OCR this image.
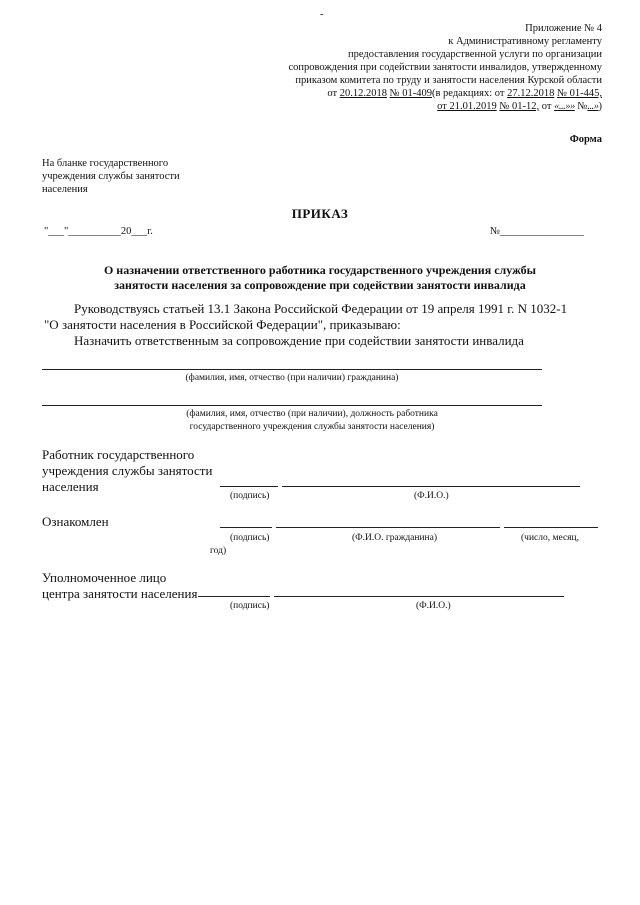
-
Приложение № 4
к Административному регламенту
предоставления государственной услуги по организации
сопровождения при содействии занятости инвалидов, утвержденному
приказом комитета по труду и занятости населения Курской области
от 20.12.2018 № 01-409(в редакциях: от 27.12.2018 № 01-445,
от 21.01.2019 № 01-12, от «...»» №...»)
Форма
На бланке государственного
учреждения службы занятости
населения
ПРИКАЗ
"___"__________20___г.	№________________
О назначении ответственного работника государственного учреждения службы
занятости населения за сопровождение при содействии занятости инвалида
Руководствуясь статьей 13.1 Закона Российской Федерации от 19 апреля 1991 г. N 1032-1
"О занятости населения в Российской Федерации", приказываю:
Назначить ответственным за сопровождение при содействии занятости инвалида
(фамилия, имя, отчество (при наличии) гражданина)
(фамилия, имя, отчество (при наличии), должность работника
государственного учреждения службы занятости населения)
Работник государственного
учреждения службы занятости
населения
(подпись)	(Ф.И.О.)
Ознакомлен
(подпись)	(Ф.И.О. гражданина)	(число, месяц,
год)
Уполномоченное лицо
центра занятости населения
(подпись)	(Ф.И.О.)
